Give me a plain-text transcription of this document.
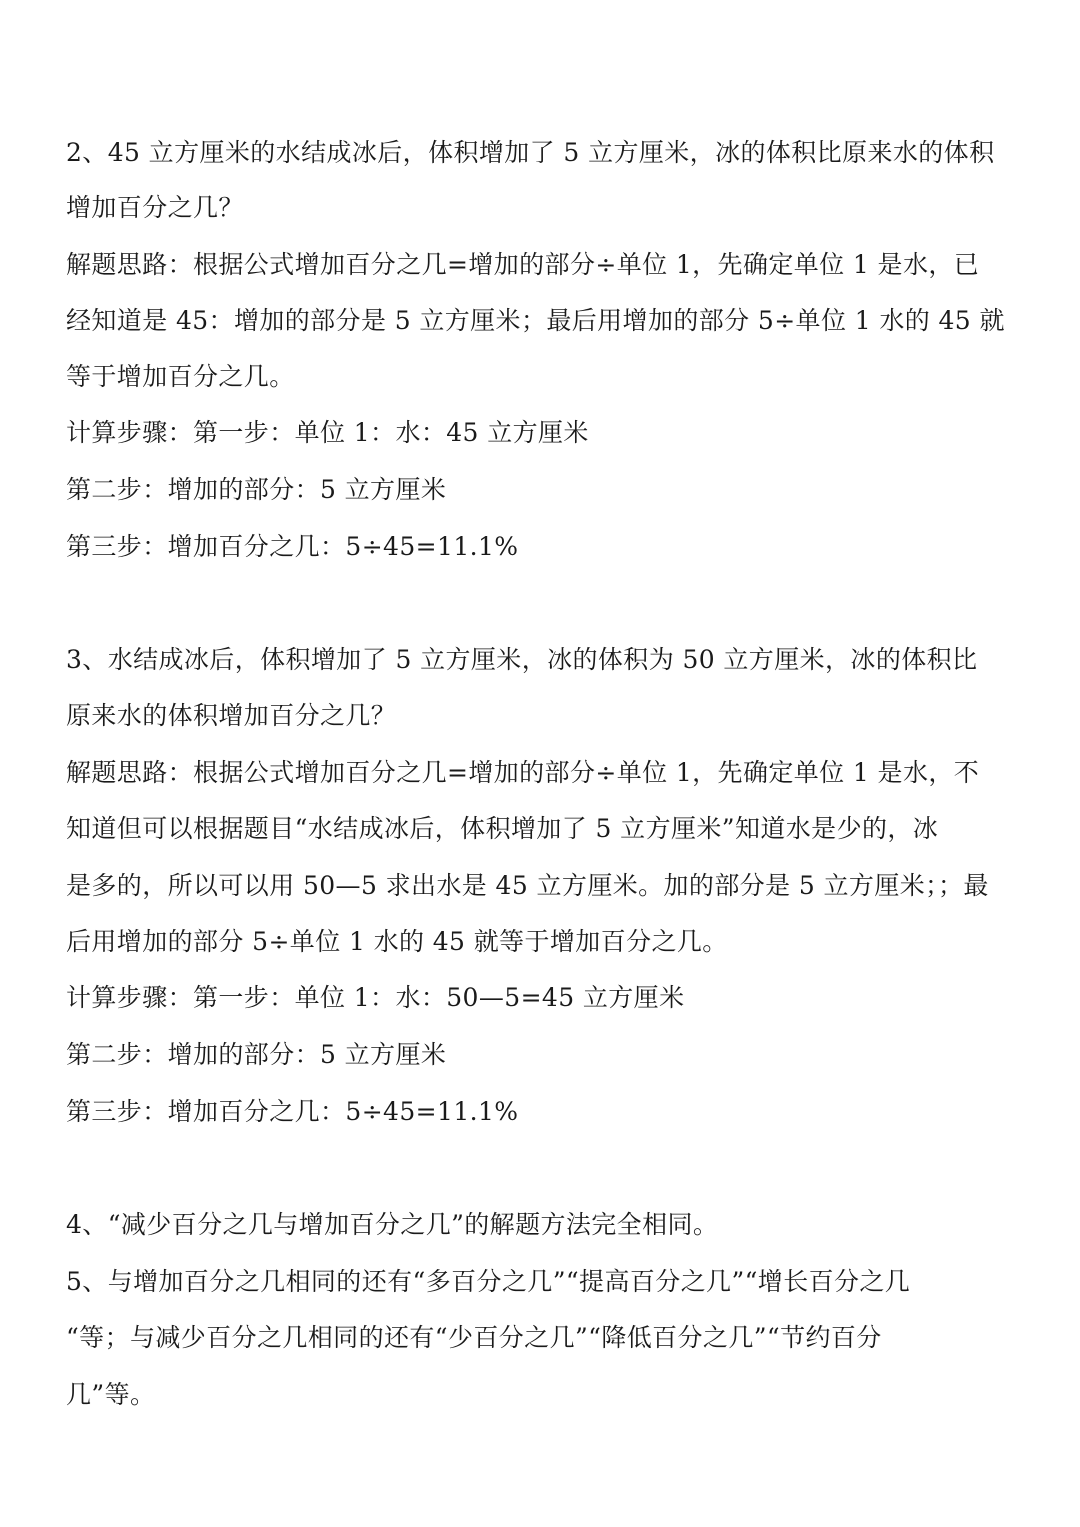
2、45 立方厘米的水结成冰后，体积增加了 5 立方厘米，冰的体积比原来水的体积
增加百分之几？
解题思路：根据公式增加百分之几=增加的部分÷单位 1，先确定单位 1 是水，已
经知道是 45：增加的部分是 5 立方厘米；最后用增加的部分 5÷单位 1 水的 45 就
等于增加百分之几。
计算步骤：第一步：单位 1：水：45 立方厘米
第二步：增加的部分：5 立方厘米
第三步：增加百分之几：5÷45=11.1%
3、水结成冰后，体积增加了 5 立方厘米，冰的体积为 50 立方厘米，冰的体积比
原来水的体积增加百分之几？
解题思路：根据公式增加百分之几=增加的部分÷单位 1，先确定单位 1 是水，不
知道但可以根据题目“水结成冰后，体积增加了 5 立方厘米”知道水是少的，冰
是多的，所以可以用 50—5 求出水是 45 立方厘米。加的部分是 5 立方厘米；；最
后用增加的部分 5÷单位 1 水的 45 就等于增加百分之几。
计算步骤：第一步：单位 1：水：50—5=45 立方厘米
第二步：增加的部分：5 立方厘米
第三步：增加百分之几：5÷45=11.1%
4、“减少百分之几与增加百分之几”的解题方法完全相同。
5、与增加百分之几相同的还有“多百分之几”“提高百分之几”“增长百分之几
“等；与减少百分之几相同的还有“少百分之几”“降低百分之几”“节约百分
几”等。
